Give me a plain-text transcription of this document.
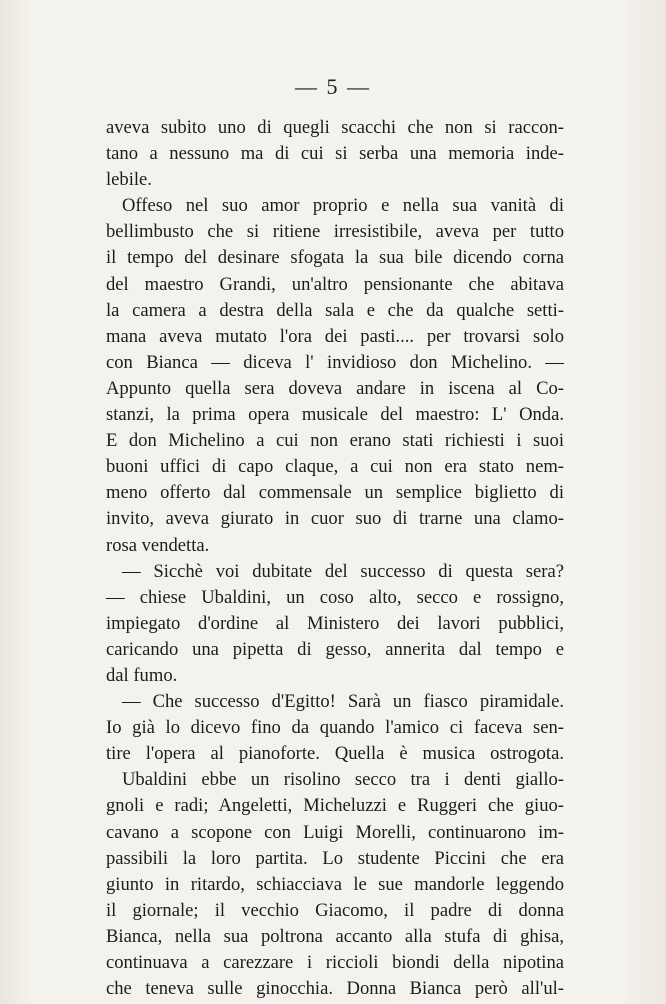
— 5 —
aveva subito uno di quegli scacchi che non si raccon-
tano a nessuno ma di cui si serba una memoria inde-
lebile.
Offeso nel suo amor proprio e nella sua vanità di
bellimbusto che si ritiene irresistibile, aveva per tutto
il tempo del desinare sfogata la sua bile dicendo corna
del maestro Grandi, un'altro pensionante che abitava
la camera a destra della sala e che da qualche setti-
mana aveva mutato l'ora dei pasti.... per trovarsi solo
con Bianca — diceva l' invidioso don Michelino. —
Appunto quella sera doveva andare in iscena al Co-
stanzi, la prima opera musicale del maestro: L' Onda.
E don Michelino a cui non erano stati richiesti i suoi
buoni uffici di capo claque, a cui non era stato nem-
meno offerto dal commensale un semplice biglietto di
invito, aveva giurato in cuor suo di trarne una clamo-
rosa vendetta.
— Sicchè voi dubitate del successo di questa sera?
— chiese Ubaldini, un coso alto, secco e rossigno,
impiegato d'ordine al Ministero dei lavori pubblici,
caricando una pipetta di gesso, annerita dal tempo e
dal fumo.
— Che successo d'Egitto! Sarà un fiasco piramidale.
Io già lo dicevo fino da quando l'amico ci faceva sen-
tire l'opera al pianoforte. Quella è musica ostrogota.
Ubaldini ebbe un risolino secco tra i denti giallo-
gnoli e radi; Angeletti, Micheluzzi e Ruggeri che giuo-
cavano a scopone con Luigi Morelli, continuarono im-
passibili la loro partita. Lo studente Piccini che era
giunto in ritardo, schiacciava le sue mandorle leggendo
il giornale; il vecchio Giacomo, il padre di donna
Bianca, nella sua poltrona accanto alla stufa di ghisa,
continuava a carezzare i riccioli biondi della nipotina
che teneva sulle ginocchia. Donna Bianca però all'ul-
